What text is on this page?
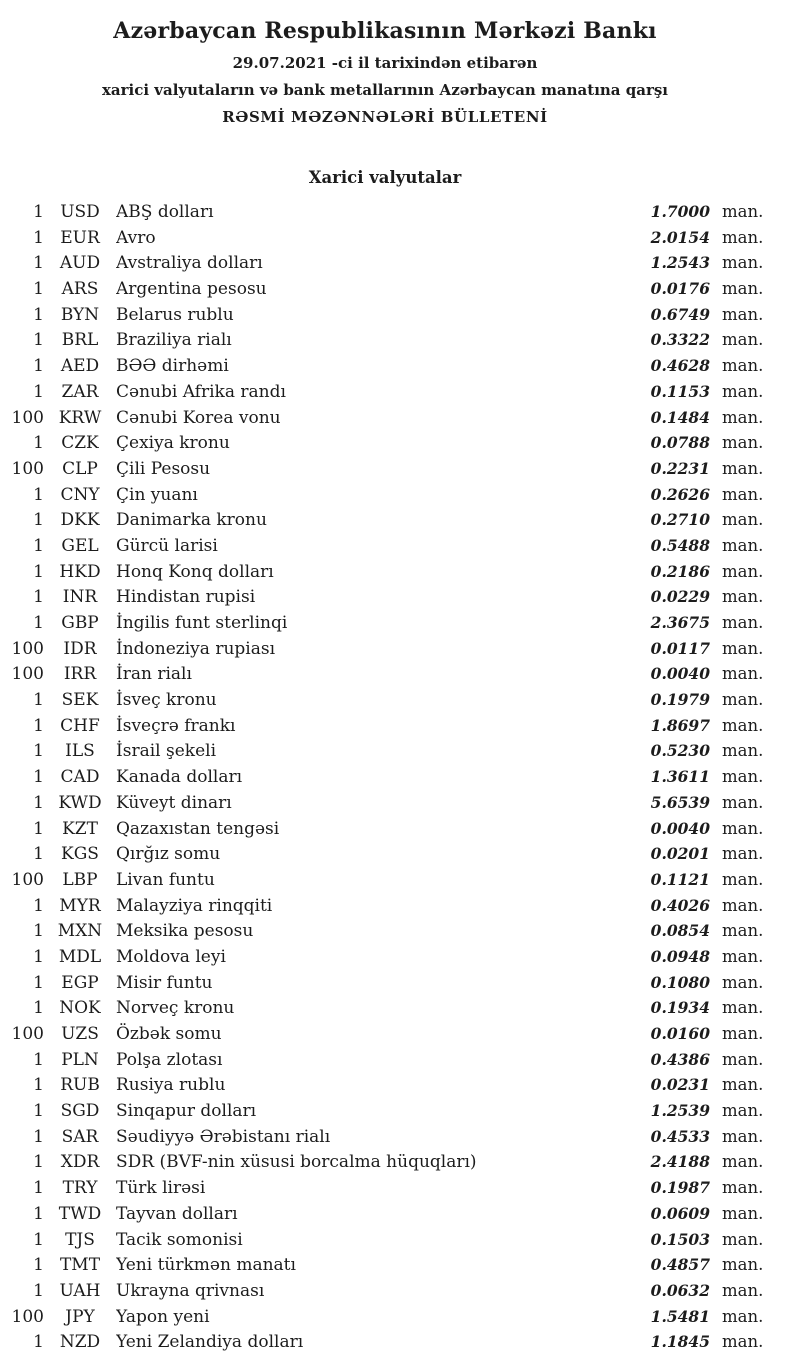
Azərbaycan Respublikasının Mərkəzi Bankı
29.07.2021 -ci il tarixindən etibarən
xarici valyutaların və bank metallarının Azərbaycan manatına qarşı
RƏSMİ MƏZƏNNƏLƏRİ BÜLLETENİ
Xarici valyutalar
1 USD ABŞ dolları	1.7000 man.
1 EUR Avro	2.0154 man.
1 AUD Avstraliya dolları	1.2543 man.
1	ARS	Argentina pesosu	0.0176 man.
1 BYN Belarus rublu	0.6749 man.
1	BRL	Braziliya rialı	0.3322 man.
1 AED BƏƏ dirhəmi	0.4628 man.
1	ZAR	Cənubi Afrika randı	0.1153 man.
100 KRW Cənubi Korea vonu	0.1484 man.
1	CZK	Çexiya kronu	0.0788 man.
100	CLP	Çili Pesosu	0.2231 man.
1 CNY Çin yuanı	0.2626 man.
1 DKK Danimarka kronu	0.2710 man.
1	GEL	Gürcü larisi	0.5488 man.
1 HKD Honq Konq dolları	0.2186 man.
1	INR	Hindistan rupisi	0.0229 man.
1	GBP	İngilis funt sterlinqi	2.3675 man.
100	IDR	İndoneziya rupiası	0.0117 man.
100	IRR	İran rialı	0.0040 man.
1	SEK	İsveç kronu	0.1979 man.
1 CHF İsveçrə frankı	1.8697 man.
1	ILS	İsrail şekeli	0.5230 man.
1 CAD Kanada dolları	1.3611 man.
1 KWD Küveyt dinarı	5.6539 man.
1	KZT	Qazaxıstan tengəsi	0.0040 man.
1	KGS	Qırğız somu	0.0201 man.
100	LBP	Livan funtu	0.1121 man.
1 MYR Malayziya rinqqiti	0.4026 man.
1 MXN Meksika pesosu	0.0854 man.
1 MDL Moldova leyi	0.0948 man.
1	EGP	Misir funtu	0.1080 man.
1 NOK Norveç kronu	0.1934 man.
100	UZS	Özbək somu	0.0160 man.
1	PLN	Polşa zlotası	0.4386 man.
1 RUB Rusiya rublu	0.0231 man.
1 SGD Sinqapur dolları	1.2539 man.
1	SAR	Səudiyyə Ərəbistanı rialı	0.4533 man.
1 XDR SDR (BVF-nin xüsusi borcalma hüquqları)	2.4188 man.
1	TRY	Türk lirəsi	0.1987 man.
1 TWD Tayvan dolları	0.0609 man.
1	TJS	Tacik somonisi	0.1503 man.
1 TMT Yeni türkmən manatı	0.4857 man.
1 UAH Ukrayna qrivnası	0.0632 man.
100	JPY	Yapon yeni	1.5481 man.
1 NZD Yeni Zelandiya dolları	1.1845 man.
